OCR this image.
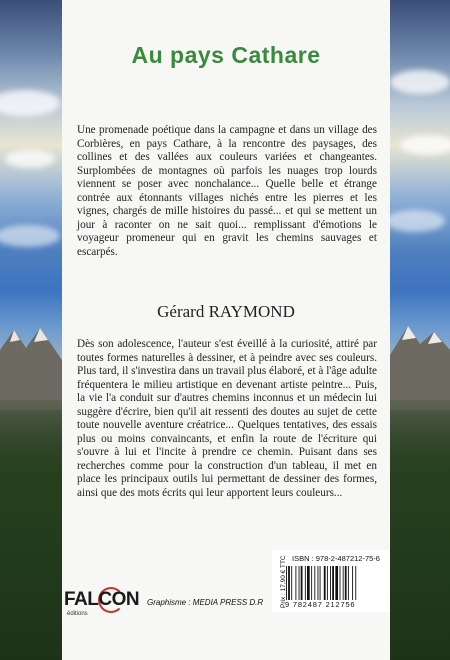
Au pays Cathare
Une promenade poétique dans la campagne et dans un village des Corbières, en pays Cathare, à la rencontre des paysages, des collines et des vallées aux couleurs variées et changeantes. Surplombées de montagnes où parfois les nuages trop lourds viennent se poser avec nonchalance... Quelle belle et étrange contrée aux étonnants villages nichés entre les pierres et les vignes, chargés de mille histoires du passé... et qui se mettent un jour à raconter on ne sait quoi... remplissant d'émotions le voyageur promeneur qui en gravit les chemins sauvages et escarpés.
Gérard RAYMOND
Dès son adolescence, l'auteur s'est éveillé à la curiosité, attiré par toutes formes naturelles à dessiner, et à peindre avec ses couleurs. Plus tard, il s'investira dans un travail plus élaboré, et à l'âge adulte fréquentera le milieu artistique en devenant artiste peintre... Puis, la vie l'a conduit sur d'autres chemins inconnus et un médecin lui suggère d'écrire, bien qu'il ait ressenti des doutes au sujet de cette toute nouvelle aventure créatrice... Quelques tentatives, des essais plus ou moins convaincants, et enfin la route de l'écriture qui s'ouvre à lui et l'incite à prendre ce chemin. Puisant dans ses recherches comme pour la construction d'un tableau, il met en place les principaux outils lui permettant de dessiner des formes, ainsi que des mots écrits qui leur apportent leurs couleurs...
FALCON
éditions
Graphisme : MEDIA PRESS D.R	Prix : 17,90 € TTC ISBN : 978-2-487212-75-6
9 782487 212756
